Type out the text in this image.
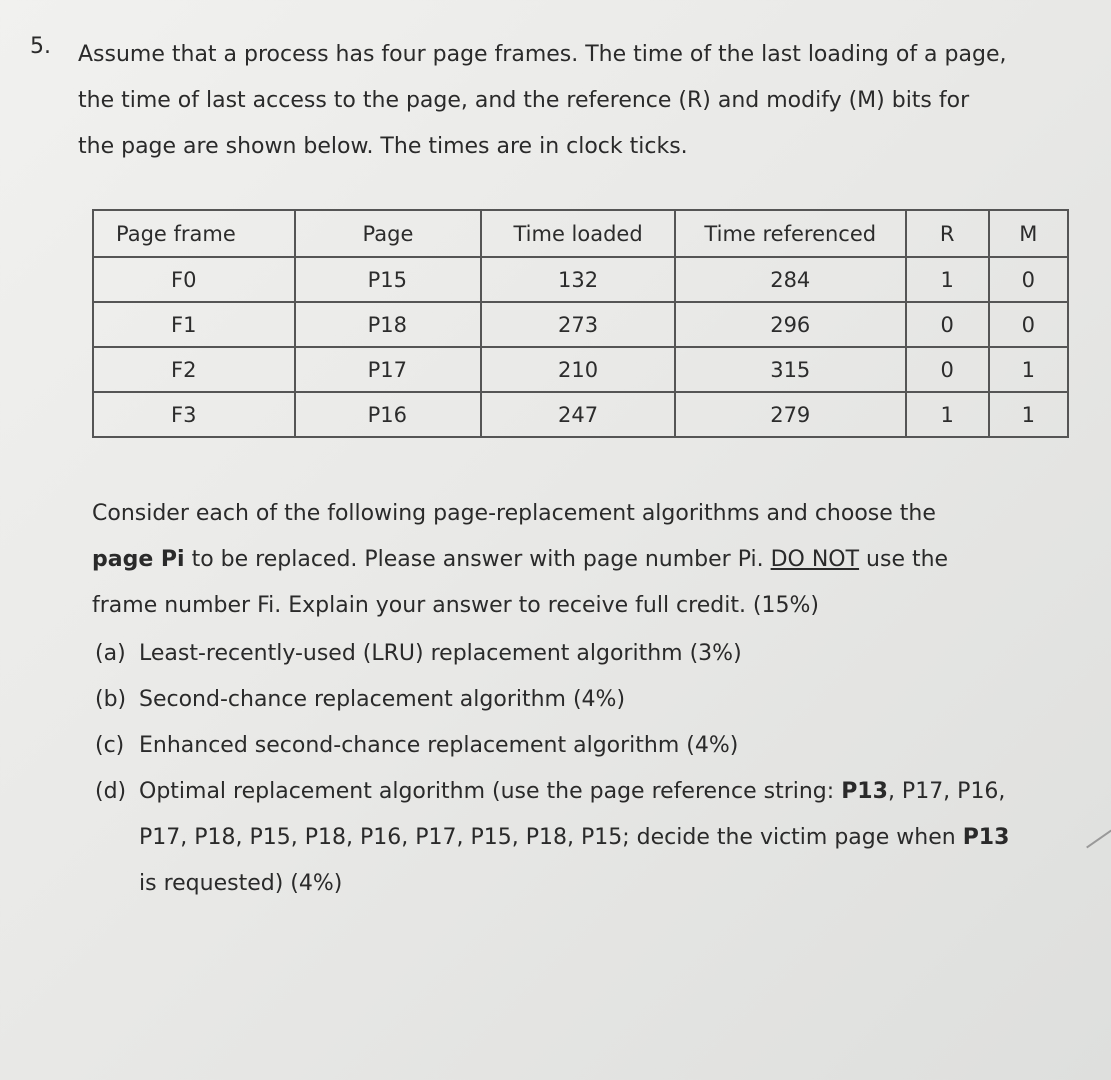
5. Assume that a process has four page frames. The time of the last loading of a page,
the time of last access to the page, and the reference (R) and modify (M) bits for
the page are shown below. The times are in clock ticks.

Page frame	Page	Time loaded	Time referenced	R	M
F0	P15	132	284	1	0
F1	P18	273	296	0	0
F2	P17	210	315	0	1
F3	P16	247	279	1	1

Consider each of the following page-replacement algorithms and choose the
page Pi to be replaced. Please answer with page number Pi. DO NOT use the
frame number Fi. Explain your answer to receive full credit. (15%)

(a) Least-recently-used (LRU) replacement algorithm (3%)
(b) Second-chance replacement algorithm (4%)
(c) Enhanced second-chance replacement algorithm (4%)
(d) Optimal replacement algorithm (use the page reference string: P13, P17, P16,
P17, P18, P15, P18, P16, P17, P15, P18, P15; decide the victim page when P13
is requested) (4%)
